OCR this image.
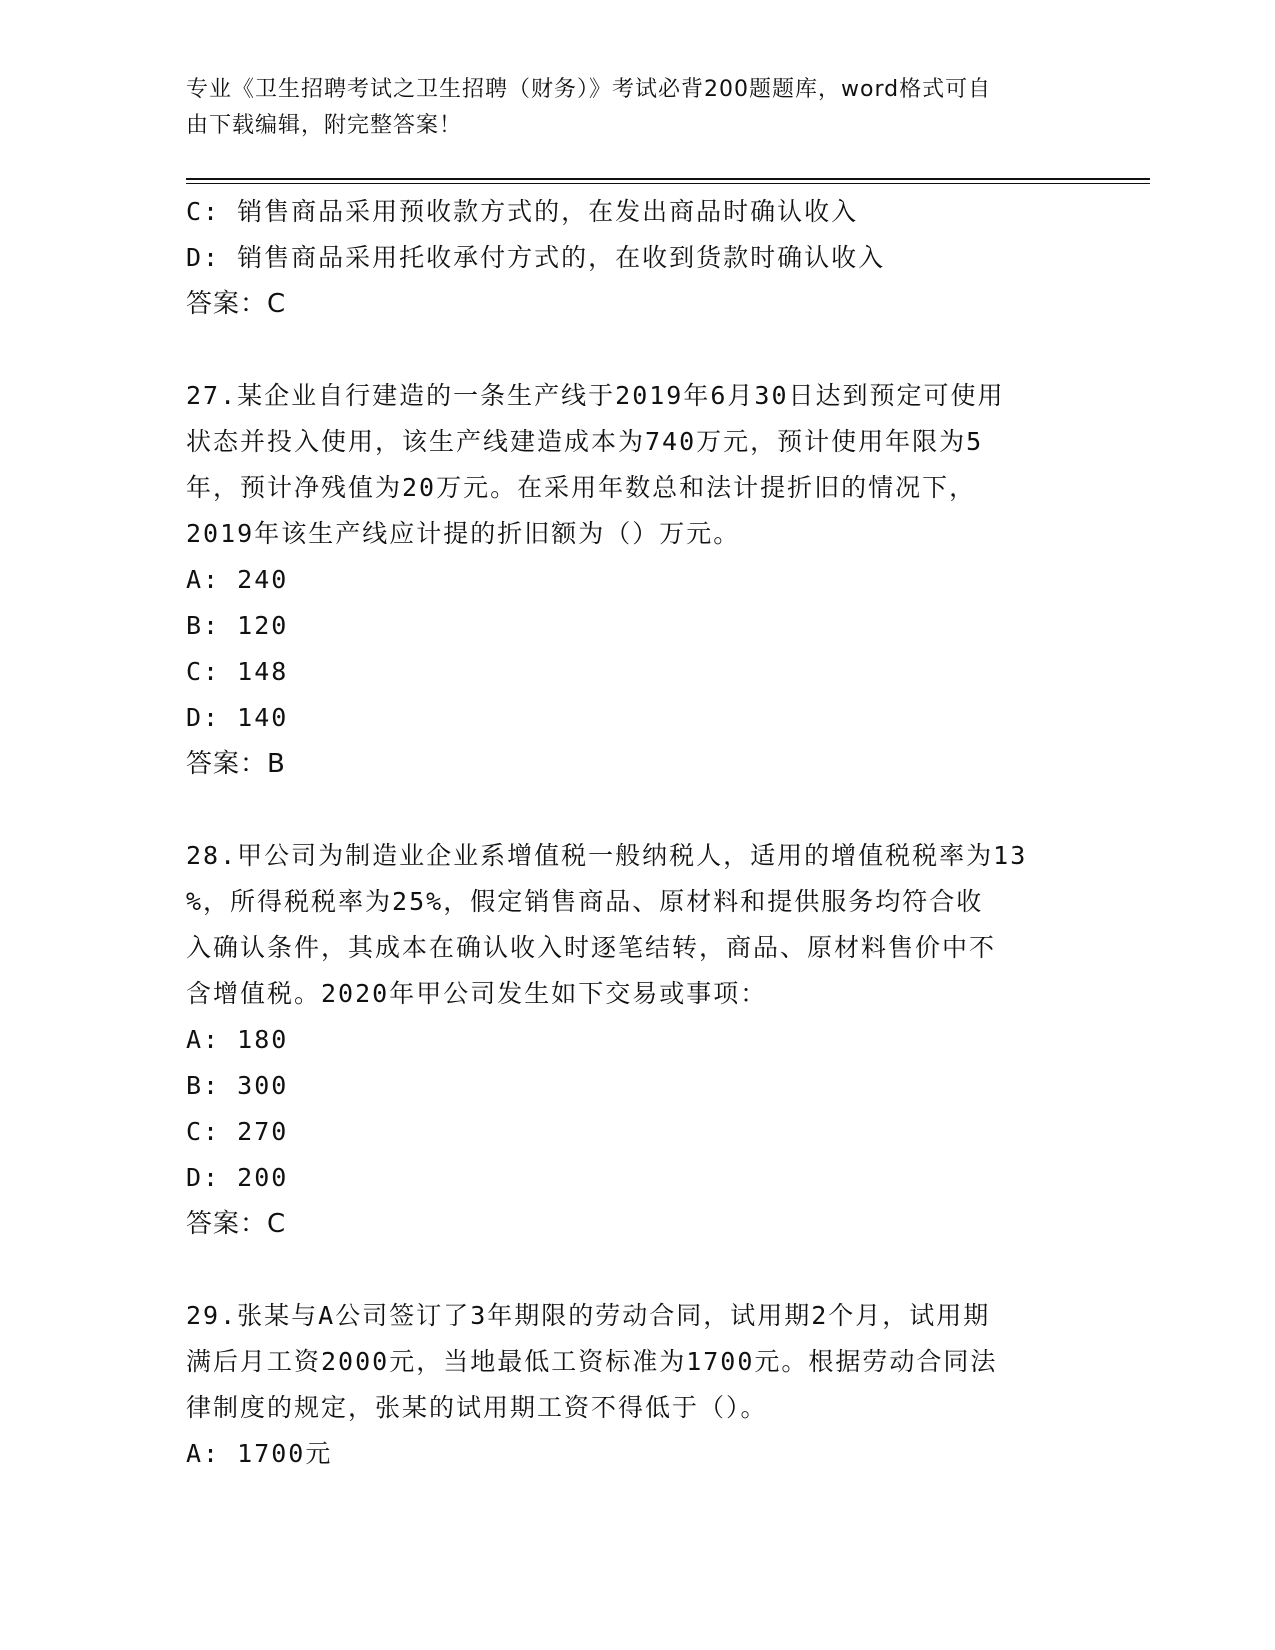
专业《卫生招聘考试之卫生招聘（财务）》考试必背200题题库，word格式可自
由下载编辑，附完整答案！
C: 销售商品采用预收款方式的，在发出商品时确认收入
D: 销售商品采用托收承付方式的，在收到货款时确认收入
答案：C
27.某企业自行建造的一条生产线于2019年6月30日达到预定可使用
状态并投入使用，该生产线建造成本为740万元，预计使用年限为5
年，预计净残值为20万元。在采用年数总和法计提折旧的情况下，
2019年该生产线应计提的折旧额为（）万元。
A: 240
B: 120
C: 148
D: 140
答案：B
28.甲公司为制造业企业系增值税一般纳税人，适用的增值税税率为13
%，所得税税率为25%，假定销售商品、原材料和提供服务均符合收
入确认条件，其成本在确认收入时逐笔结转，商品、原材料售价中不
含增值税。2020年甲公司发生如下交易或事项：
A: 180
B: 300
C: 270
D: 200
答案：C
29.张某与A公司签订了3年期限的劳动合同，试用期2个月，试用期
满后月工资2000元，当地最低工资标准为1700元。根据劳动合同法
律制度的规定，张某的试用期工资不得低于（）。
A: 1700元
